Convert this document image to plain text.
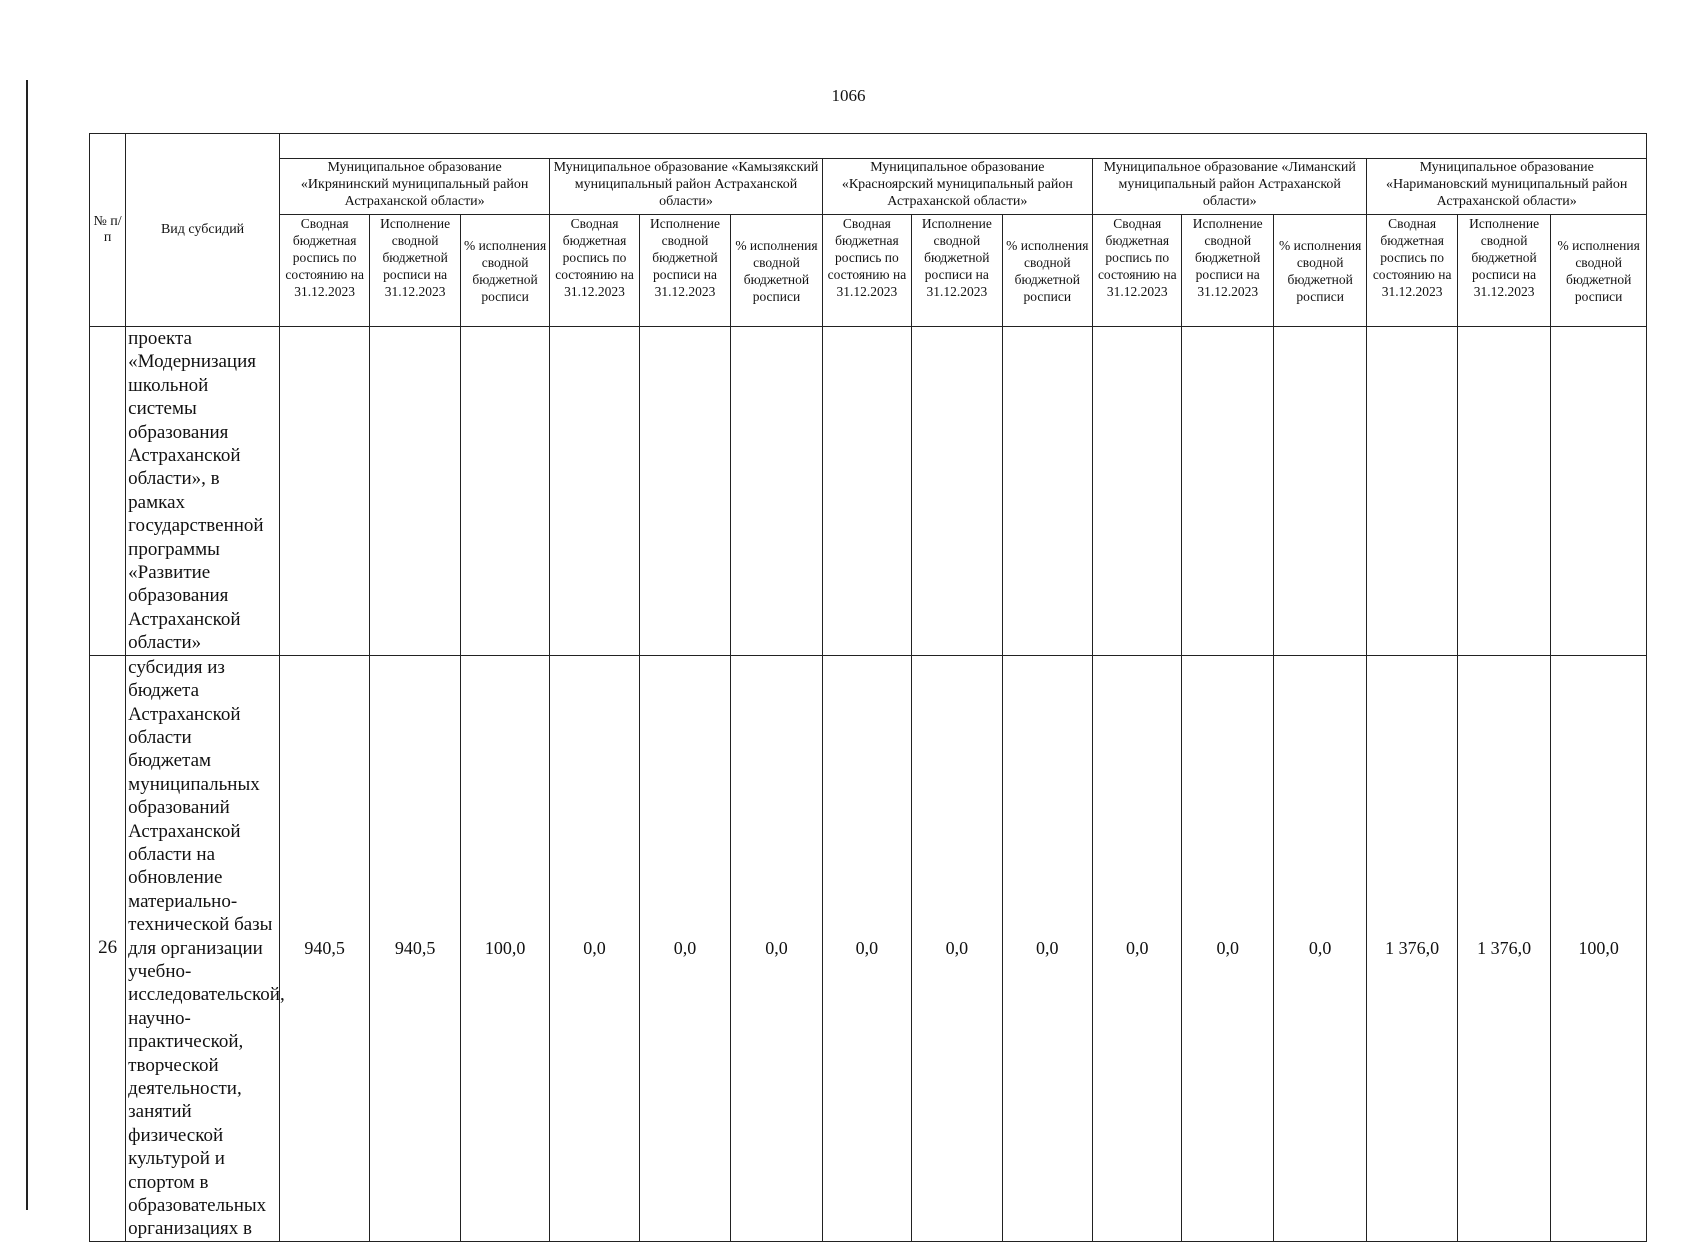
1066
№ п/п	Вид субсидий															
		Муниципальное образование «Икрянинский муниципальный район Астраханской области»			Муниципальное образование «Камызякский муниципальный район Астраханской области»			Муниципальное образование «Красноярский муниципальный район Астраханской области»			Муниципальное образование «Лиманский муниципальный район Астраханской области»			Муниципальное образование «Наримановский муниципальный район Астраханской области»		
		Сводная бюджетная роспись по состоянию на 31.12.2023	Исполнение сводной бюджетной росписи на 31.12.2023	% исполнения сводной бюджетной росписи	Сводная бюджетная роспись по состоянию на 31.12.2023	Исполнение сводной бюджетной росписи на 31.12.2023	% исполнения сводной бюджетной росписи	Сводная бюджетная роспись по состоянию на 31.12.2023	Исполнение сводной бюджетной росписи на 31.12.2023	% исполнения сводной бюджетной росписи	Сводная бюджетная роспись по состоянию на 31.12.2023	Исполнение сводной бюджетной росписи на 31.12.2023	% исполнения сводной бюджетной росписи	Сводная бюджетная роспись по состоянию на 31.12.2023	Исполнение сводной бюджетной росписи на 31.12.2023	% исполнения сводной бюджетной росписи
	проекта «Модернизация школьной системы образования Астраханской области», в рамках государственной программы «Развитие образования Астраханской области»															
26	субсидия из бюджета Астраханской области бюджетам муниципальных образований Астраханской области на обновление материально-технической базы для организации учебно-исследовательской, научно-практической, творческой деятельности, занятий физической культурой и спортом в образовательных организациях в	940,5	940,5	100,0	0,0	0,0	0,0	0,0	0,0	0,0	0,0	0,0	0,0	1 376,0	1 376,0	100,0
